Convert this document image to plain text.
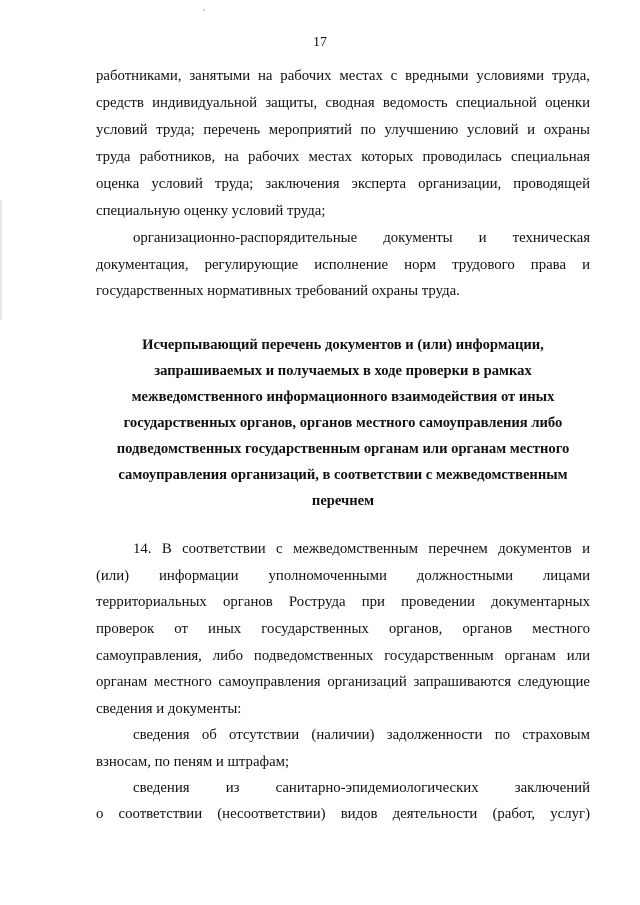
17
работниками, занятыми на рабочих местах с вредными условиями труда,
средств индивидуальной защиты, сводная ведомость специальной оценки
условий труда; перечень мероприятий по улучшению условий и охраны
труда работников, на рабочих местах которых проводилась специальная
оценка условий труда; заключения эксперта организации, проводящей
специальную оценку условий труда;
организационно-распорядительные документы и техническая
документация, регулирующие исполнение норм трудового права и
государственных нормативных требований охраны труда.
Исчерпывающий перечень документов и (или) информации,
запрашиваемых и получаемых в ходе проверки в рамках
межведомственного информационного взаимодействия от иных
государственных органов, органов местного самоуправления либо
подведомственных государственным органам или органам местного
самоуправления организаций, в соответствии с межведомственным
перечнем
14. В соответствии с межведомственным перечнем документов и
(или) информации уполномоченными должностными лицами
территориальных органов Роструда при проведении документарных
проверок от иных государственных органов, органов местного
самоуправления, либо подведомственных государственным органам или
органам местного самоуправления организаций запрашиваются следующие
сведения и документы:
сведения об отсутствии (наличии) задолженности по страховым
взносам, по пеням и штрафам;
сведения из санитарно-эпидемиологических заключений
о соответствии (несоответствии) видов деятельности (работ, услуг)
